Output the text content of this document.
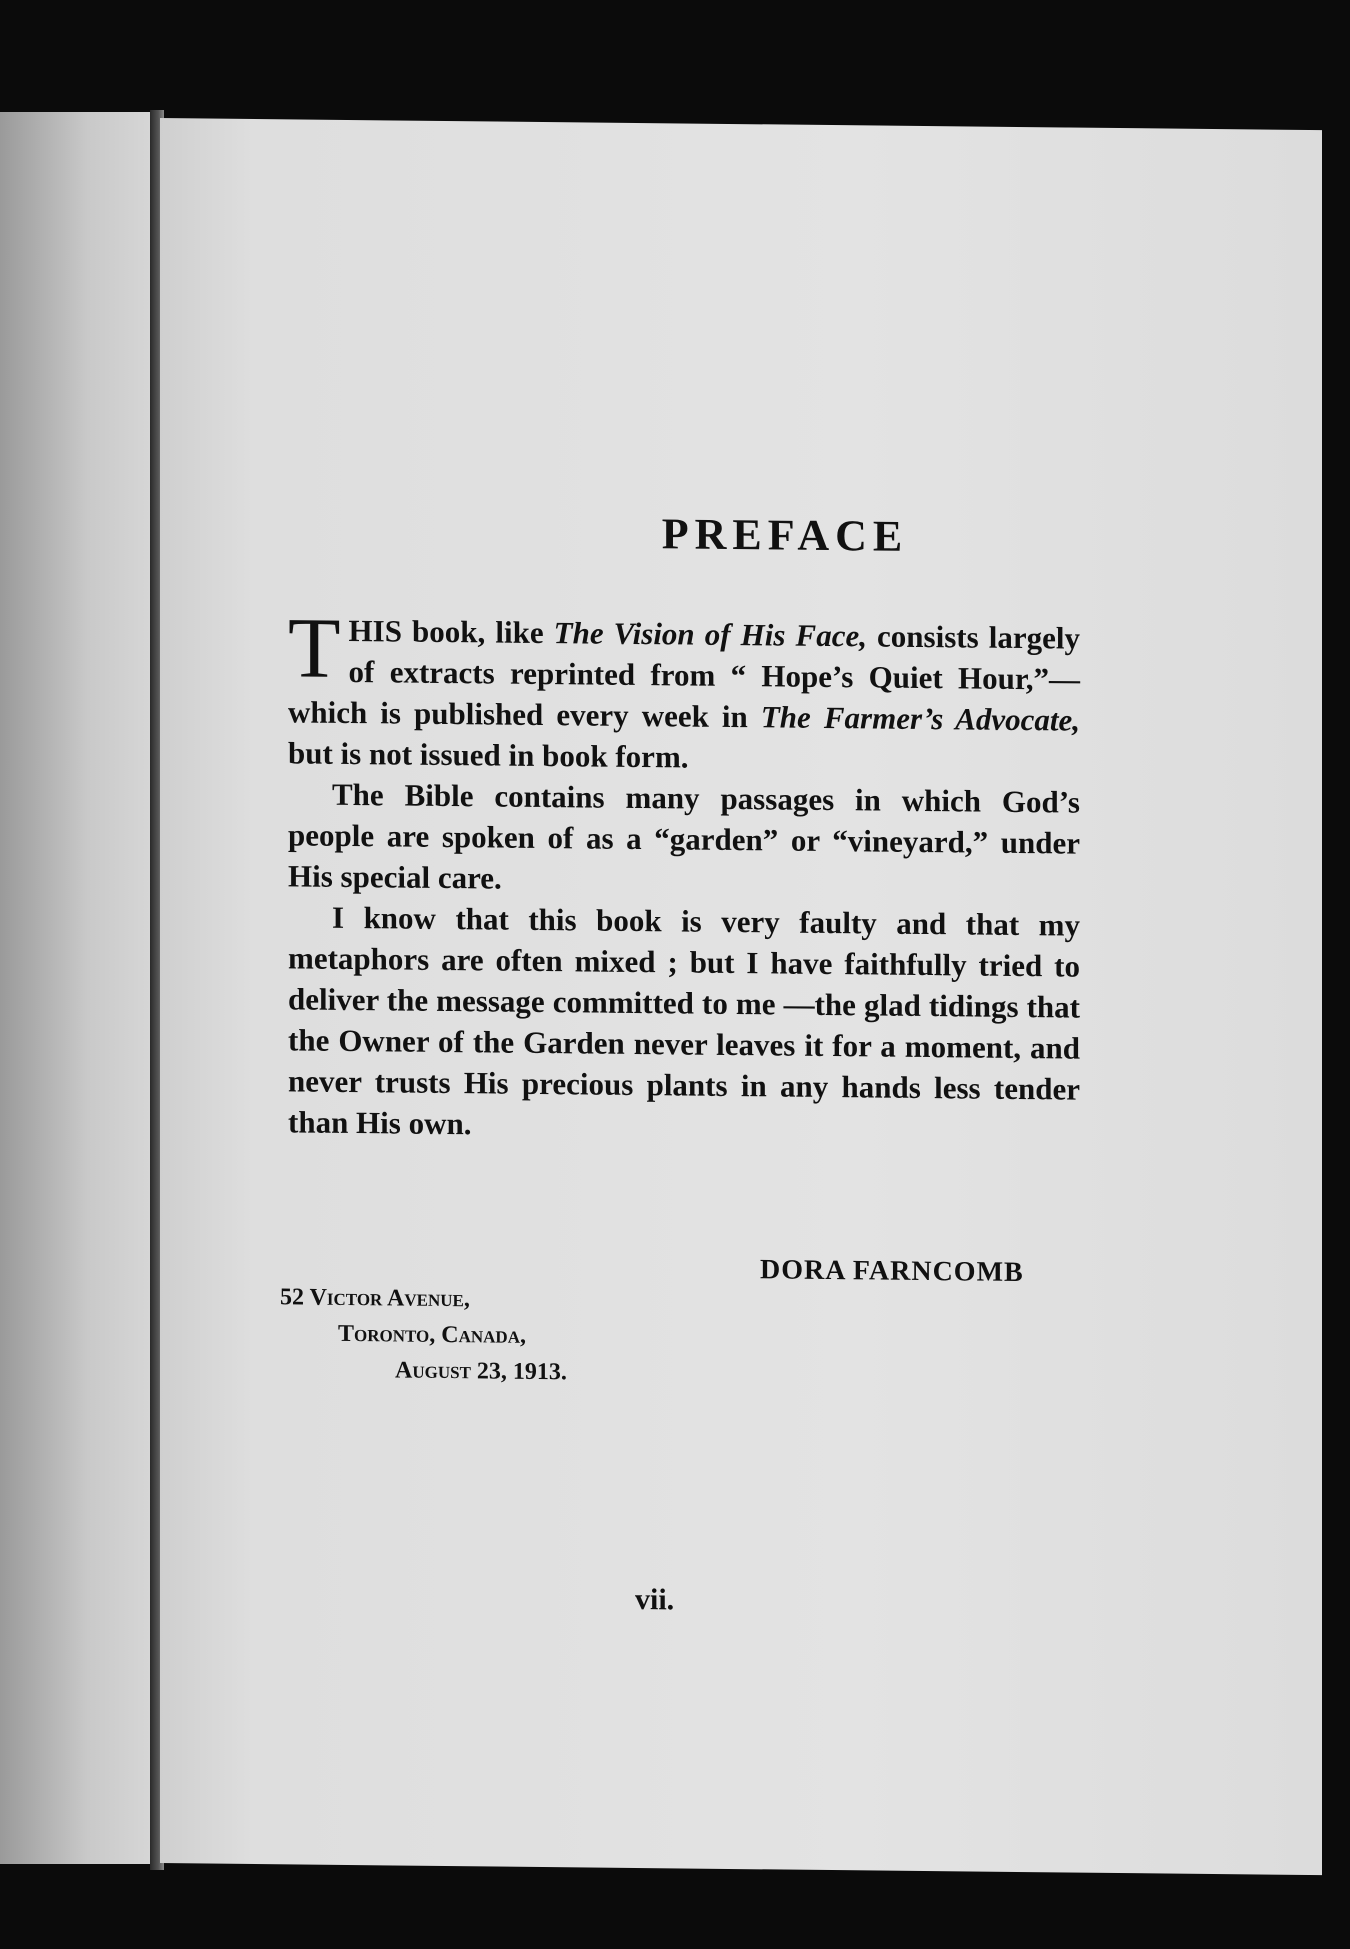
PREFACE

THIS book, like The Vision of His Face, consists largely of extracts reprinted from “ Hope’s Quiet Hour,”—which is published every week in The Farmer’s Advocate, but is not issued in book form.

The Bible contains many passages in which God’s people are spoken of as a “garden” or “vineyard,” under His special care.

I know that this book is very faulty and that my metaphors are often mixed ; but I have faithfully tried to deliver the message committed to me —the glad tidings that the Owner of the Garden never leaves it for a moment, and never trusts His precious plants in any hands less tender than His own.

DORA FARNCOMB
52 Victor Avenue,
Toronto, Canada,
August 23, 1913.
vii.
